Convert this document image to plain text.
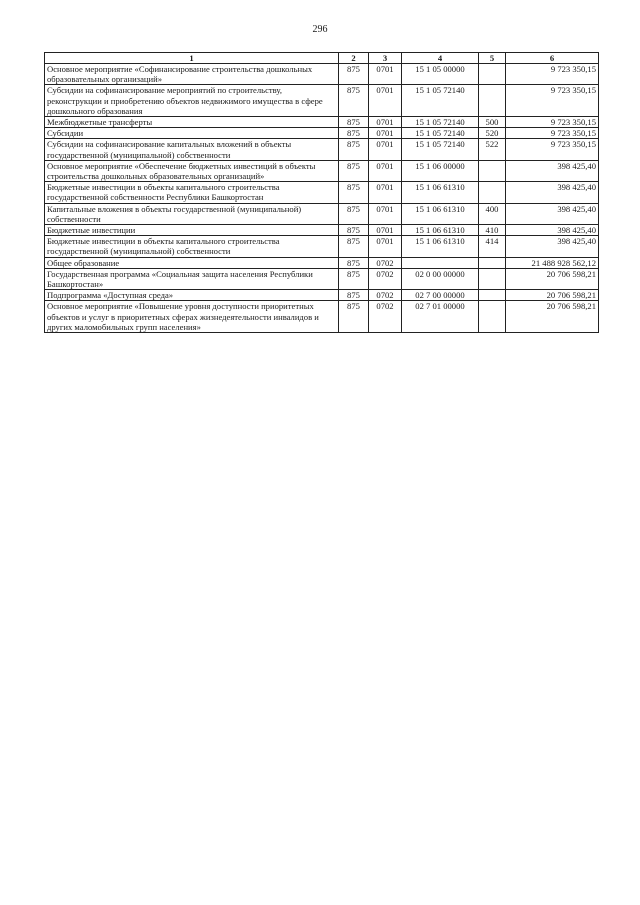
296
1	2	3	4	5	6
Основное мероприятие «Софинансирование строительства дошкольных образовательных организаций»	875	0701	15 1 05 00000		9 723 350,15
Субсидии на софинансирование мероприятий по строительству, реконструкции и приобретению объектов недвижимого имущества в сфере дошкольного образования	875	0701	15 1 05 72140		9 723 350,15
Межбюджетные трансферты	875	0701	15 1 05 72140	500	9 723 350,15
Субсидии	875	0701	15 1 05 72140	520	9 723 350,15
Субсидии на софинансирование капитальных вложений в объекты государственной (муниципальной) собственности	875	0701	15 1 05 72140	522	9 723 350,15
Основное мероприятие «Обеспечение бюджетных инвестиций в объекты строительства дошкольных образовательных организаций»	875	0701	15 1 06 00000		398 425,40
Бюджетные инвестиции в объекты капитального строительства государственной собственности Республики Башкортостан	875	0701	15 1 06 61310		398 425,40
Капитальные вложения в объекты государственной (муниципальной) собственности	875	0701	15 1 06 61310	400	398 425,40
Бюджетные инвестиции	875	0701	15 1 06 61310	410	398 425,40
Бюджетные инвестиции в объекты капитального строительства государственной (муниципальной) собственности	875	0701	15 1 06 61310	414	398 425,40
Общее образование	875	0702			21 488 928 562,12
Государственная программа «Социальная защита населения Республики Башкортостан»	875	0702	02 0 00 00000		20 706 598,21
Подпрограмма «Доступная среда»	875	0702	02 7 00 00000		20 706 598,21
Основное мероприятие «Повышение уровня доступности приоритетных объектов и услуг в приоритетных сферах жизнедеятельности инвалидов и других маломобильных групп населения»	875	0702	02 7 01 00000		20 706 598,21
